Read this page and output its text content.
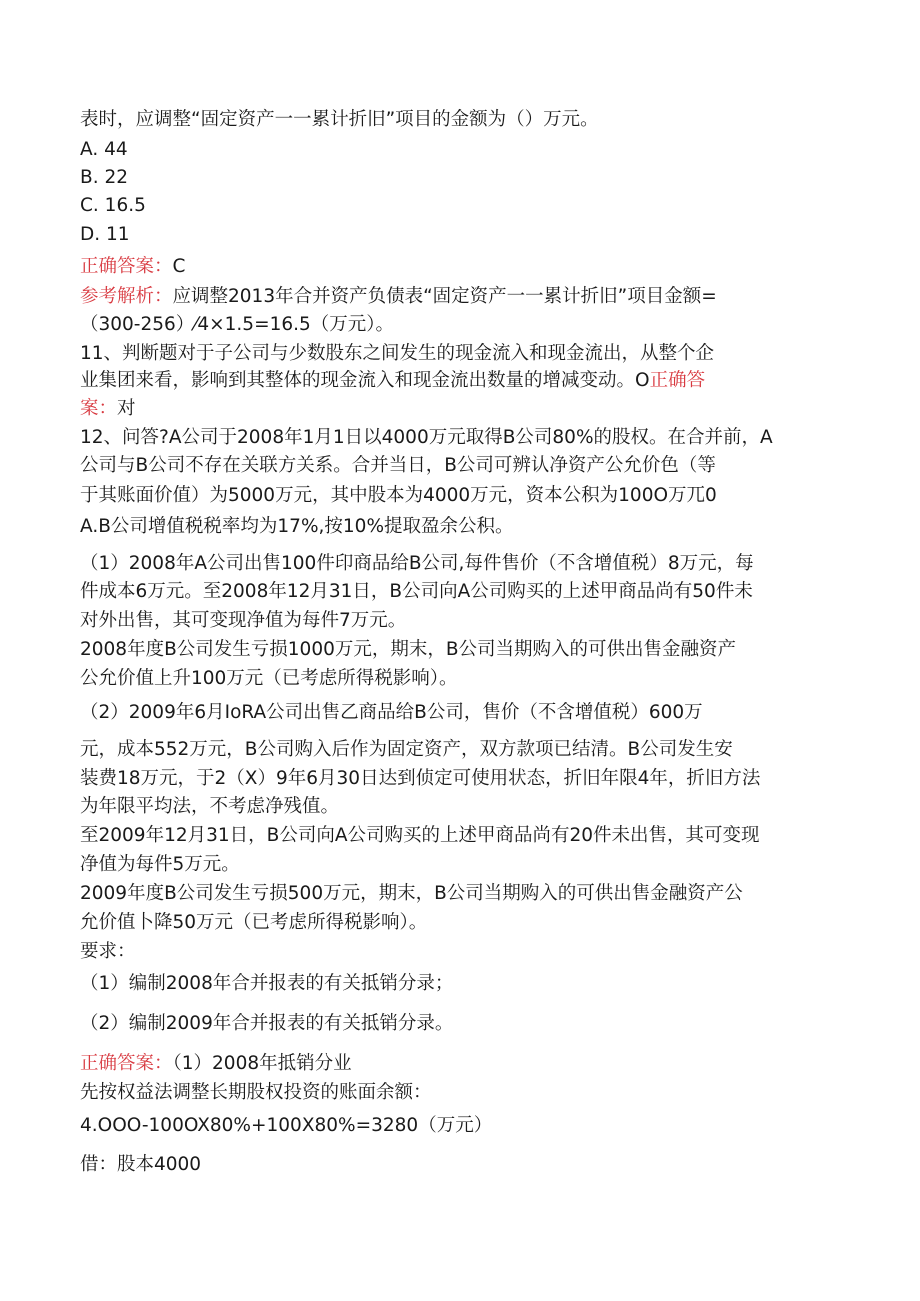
表时，应调整“固定资产一一累计折旧”项目的金额为（）万元。
A. 44
B. 22
C. 16.5
D. 11
正确答案：C
参考解析：应调整2013年合并资产负债表“固定资产一一累计折旧”项目金额=
（300-256）⁄4×1.5=16.5（万元）。
11、判断题对于子公司与少数股东之间发生的现金流入和现金流出，从整个企
业集团来看，影响到其整体的现金流入和现金流出数量的增减变动。O正确答
案：对
12、问答?A公司于2008年1月1日以4000万元取得B公司80%的股权。在合并前，A
公司与B公司不存在关联方关系。合并当日，B公司可辨认净资产公允价色（等
于其账面价值）为5000万元，其中股本为4000万元，资本公积为100O万兀0
A.B公司增值税税率均为17%,按10%提取盈余公积。
（1）2008年A公司出售100件印商品给B公司,每件售价（不含增值税）8万元，每
件成本6万元。至2008年12月31日，B公司向A公司购买的上述甲商品尚有50件未
对外出售，其可变现净值为每件7万元。
2008年度B公司发生亏损1000万元，期末，B公司当期购入的可供出售金融资产
公允价值上升100万元（已考虑所得税影响）。
（2）2009年6月IoRA公司出售乙商品给B公司，售价（不含增值税）600万
元，成本552万元，B公司购入后作为固定资产，双方款项已结清。B公司发生安
装费18万元，于2（X）9年6月30日达到侦定可使用状态，折旧年限4年，折旧方法
为年限平均法，不考虑净残值。
至2009年12月31日，B公司向A公司购买的上述甲商品尚有20件未出售，其可变现
净值为每件5万元。
2009年度B公司发生亏损500万元，期末，B公司当期购入的可供出售金融资产公
允价值卜降50万元（已考虑所得税影响）。
要求：
（1）编制2008年合并报表的有关抵销分录；
（2）编制2009年合并报表的有关抵销分录。
正确答案：（1）2008年抵销分业
先按权益法调整长期股权投资的账面余额：
4.OOO-100OX80%+100X80%=3280（万元）
借：股本4000
